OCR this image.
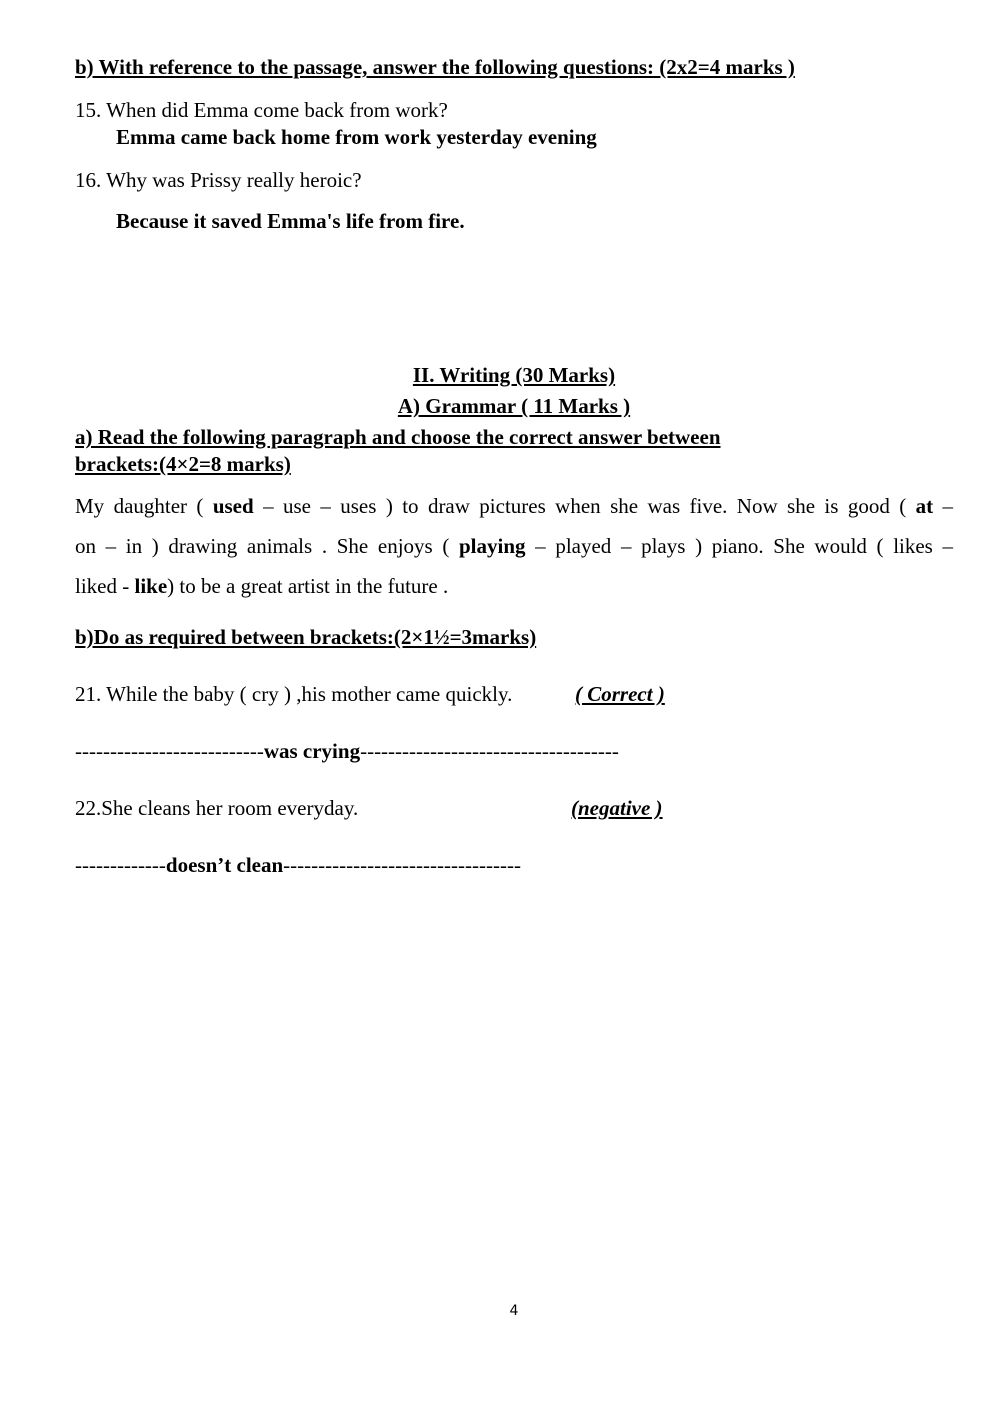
b) With reference to the passage, answer the following questions: (2x2=4 marks )
15. When did Emma come back from work?
Emma came back home from work yesterday evening
16. Why was Prissy really heroic?
Because it saved Emma's life from fire.
II. Writing (30 Marks)
A) Grammar ( 11 Marks )
a) Read the following paragraph and choose the correct answer between
brackets:(4×2=8 marks)
My daughter ( used – use – uses ) to draw pictures when she was five. Now she is good ( at –
on – in ) drawing animals . She enjoys ( playing – played – plays ) piano. She would ( likes –
liked - like) to be a great artist in the future .
b)Do as required between brackets:(2×1½=3marks)
21. While the baby ( cry ) ,his mother came quickly.	( Correct )
---------------------------was crying-------------------------------------
22.She cleans her room everyday.	(negative )
-------------doesn’t clean----------------------------------
4
